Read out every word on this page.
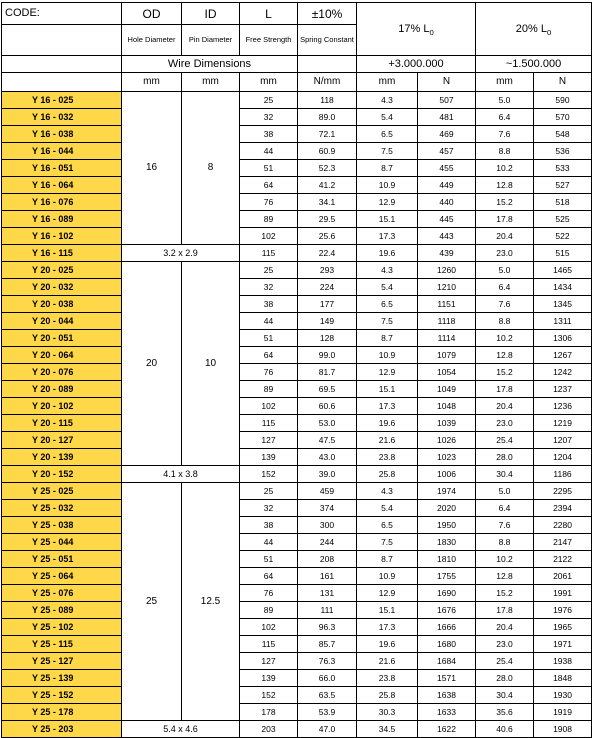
CODE:	OD	ID	L	±10%	17% $L_0$		20% $L_0$
	Hole Diameter	Pin Diameter	Free Strength	Spring Constant				
	Wire Dimensions				+3.000.000		~1.500.000	
	mm	mm	mm	N/mm	mm	N	mm	N
Y 16 - 025	16	8	25	118	4.3	507	5.0	590
Y 16 - 032			32	89.0	5.4	481	6.4	570
Y 16 - 038			38	72.1	6.5	469	7.6	548
Y 16 - 044			44	60.9	7.5	457	8.8	536
Y 16 - 051			51	52.3	8.7	455	10.2	533
Y 16 - 064			64	41.2	10.9	449	12.8	527
Y 16 - 076			76	34.1	12.9	440	15.2	518
Y 16 - 089			89	29.5	15.1	445	17.8	525
Y 16 - 102			102	25.6	17.3	443	20.4	522
Y 16 - 115	3.2 x 2.9		115	22.4	19.6	439	23.0	515
Y 20 - 025	20	10	25	293	4.3	1260	5.0	1465
Y 20 - 032			32	224	5.4	1210	6.4	1434
Y 20 - 038			38	177	6.5	1151	7.6	1345
Y 20 - 044			44	149	7.5	1118	8.8	1311
Y 20 - 051			51	128	8.7	1114	10.2	1306
Y 20 - 064			64	99.0	10.9	1079	12.8	1267
Y 20 - 076			76	81.7	12.9	1054	15.2	1242
Y 20 - 089			89	69.5	15.1	1049	17.8	1237
Y 20 - 102			102	60.6	17.3	1048	20.4	1236
Y 20 - 115			115	53.0	19.6	1039	23.0	1219
Y 20 - 127			127	47.5	21.6	1026	25.4	1207
Y 20 - 139			139	43.0	23.8	1023	28.0	1204
Y 20 - 152	4.1 x 3.8		152	39.0	25.8	1006	30.4	1186
Y 25 - 025	25	12.5	25	459	4.3	1974	5.0	2295
Y 25 - 032			32	374	5.4	2020	6.4	2394
Y 25 - 038			38	300	6.5	1950	7.6	2280
Y 25 - 044			44	244	7.5	1830	8.8	2147
Y 25 - 051			51	208	8.7	1810	10.2	2122
Y 25 - 064			64	161	10.9	1755	12.8	2061
Y 25 - 076			76	131	12.9	1690	15.2	1991
Y 25 - 089			89	111	15.1	1676	17.8	1976
Y 25 - 102			102	96.3	17.3	1666	20.4	1965
Y 25 - 115			115	85.7	19.6	1680	23.0	1971
Y 25 - 127			127	76.3	21.6	1684	25.4	1938
Y 25 - 139			139	66.0	23.8	1571	28.0	1848
Y 25 - 152			152	63.5	25.8	1638	30.4	1930
Y 25 - 178			178	53.9	30.3	1633	35.6	1919
Y 25 - 203	5.4 x 4.6		203	47.0	34.5	1622	40.6	1908
